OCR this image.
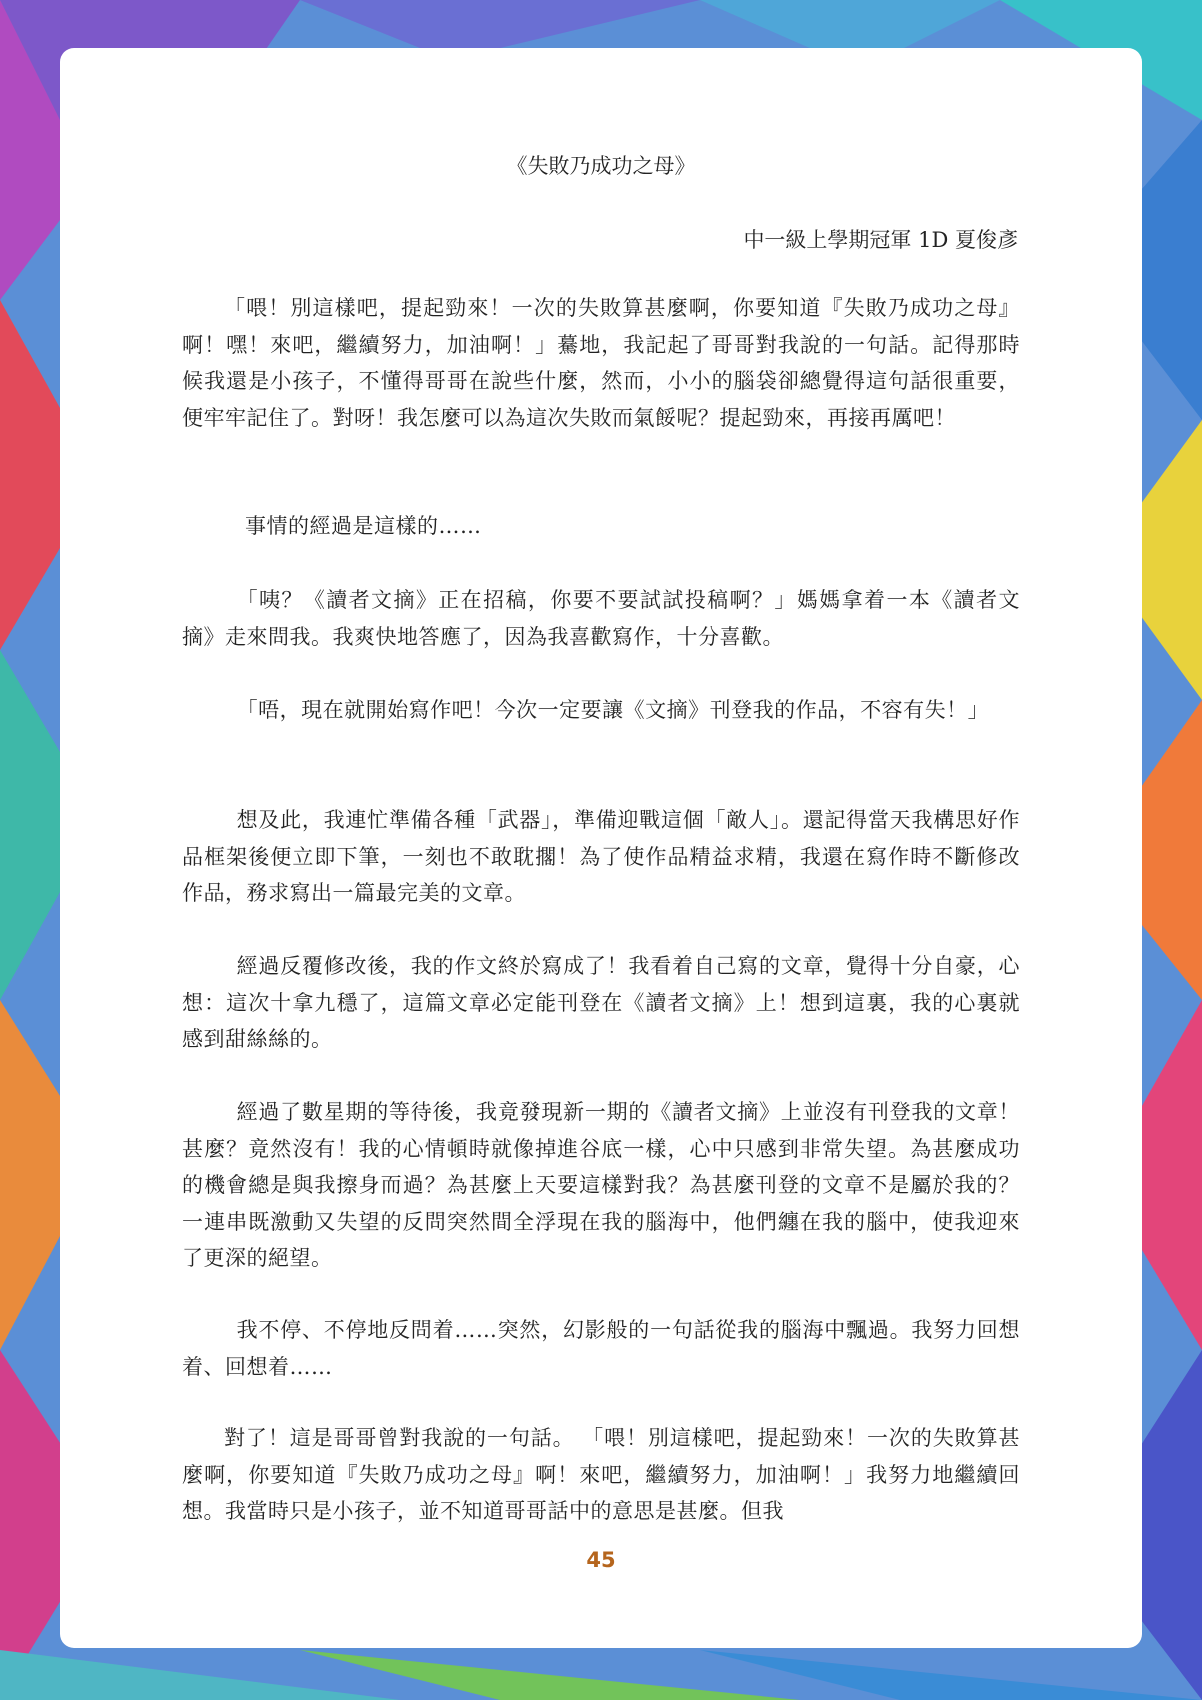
《失敗乃成功之母》
中一級上學期冠軍 1D 夏俊彥
「喂！別這樣吧，提起勁來！一次的失敗算甚麼啊，你要知道『失敗乃成功之母』啊！嘿！來吧，繼續努力，加油啊！」驀地，我記起了哥哥對我說的一句話。記得那時候我還是小孩子，不懂得哥哥在說些什麼，然而，小小的腦袋卻總覺得這句話很重要，便牢牢記住了。對呀！我怎麼可以為這次失敗而氣餒呢？提起勁來，再接再厲吧！
事情的經過是這樣的……
「咦？《讀者文摘》正在招稿，你要不要試試投稿啊？」媽媽拿着一本《讀者文摘》走來問我。我爽快地答應了，因為我喜歡寫作，十分喜歡。
「唔，現在就開始寫作吧！今次一定要讓《文摘》刊登我的作品，不容有失！」
想及此，我連忙準備各種「武器」，準備迎戰這個「敵人」。還記得當天我構思好作品框架後便立即下筆，一刻也不敢耽擱！為了使作品精益求精，我還在寫作時不斷修改作品，務求寫出一篇最完美的文章。
經過反覆修改後，我的作文終於寫成了！我看着自己寫的文章，覺得十分自豪，心想：這次十拿九穩了，這篇文章必定能刊登在《讀者文摘》上！想到這裏，我的心裏就感到甜絲絲的。
經過了數星期的等待後，我竟發現新一期的《讀者文摘》上並沒有刊登我的文章！甚麼？竟然沒有！我的心情頓時就像掉進谷底一樣，心中只感到非常失望。為甚麼成功的機會總是與我擦身而過？為甚麼上天要這樣對我？為甚麼刊登的文章不是屬於我的？一連串既激動又失望的反問突然間全浮現在我的腦海中，他們纏在我的腦中，使我迎來了更深的絕望。
我不停、不停地反問着……突然，幻影般的一句話從我的腦海中飄過。我努力回想着、回想着……
對了！這是哥哥曾對我說的一句話。 「喂！別這樣吧，提起勁來！一次的失敗算甚麼啊，你要知道『失敗乃成功之母』啊！來吧，繼續努力，加油啊！」我努力地繼續回想。我當時只是小孩子，並不知道哥哥話中的意思是甚麼。但我
45
